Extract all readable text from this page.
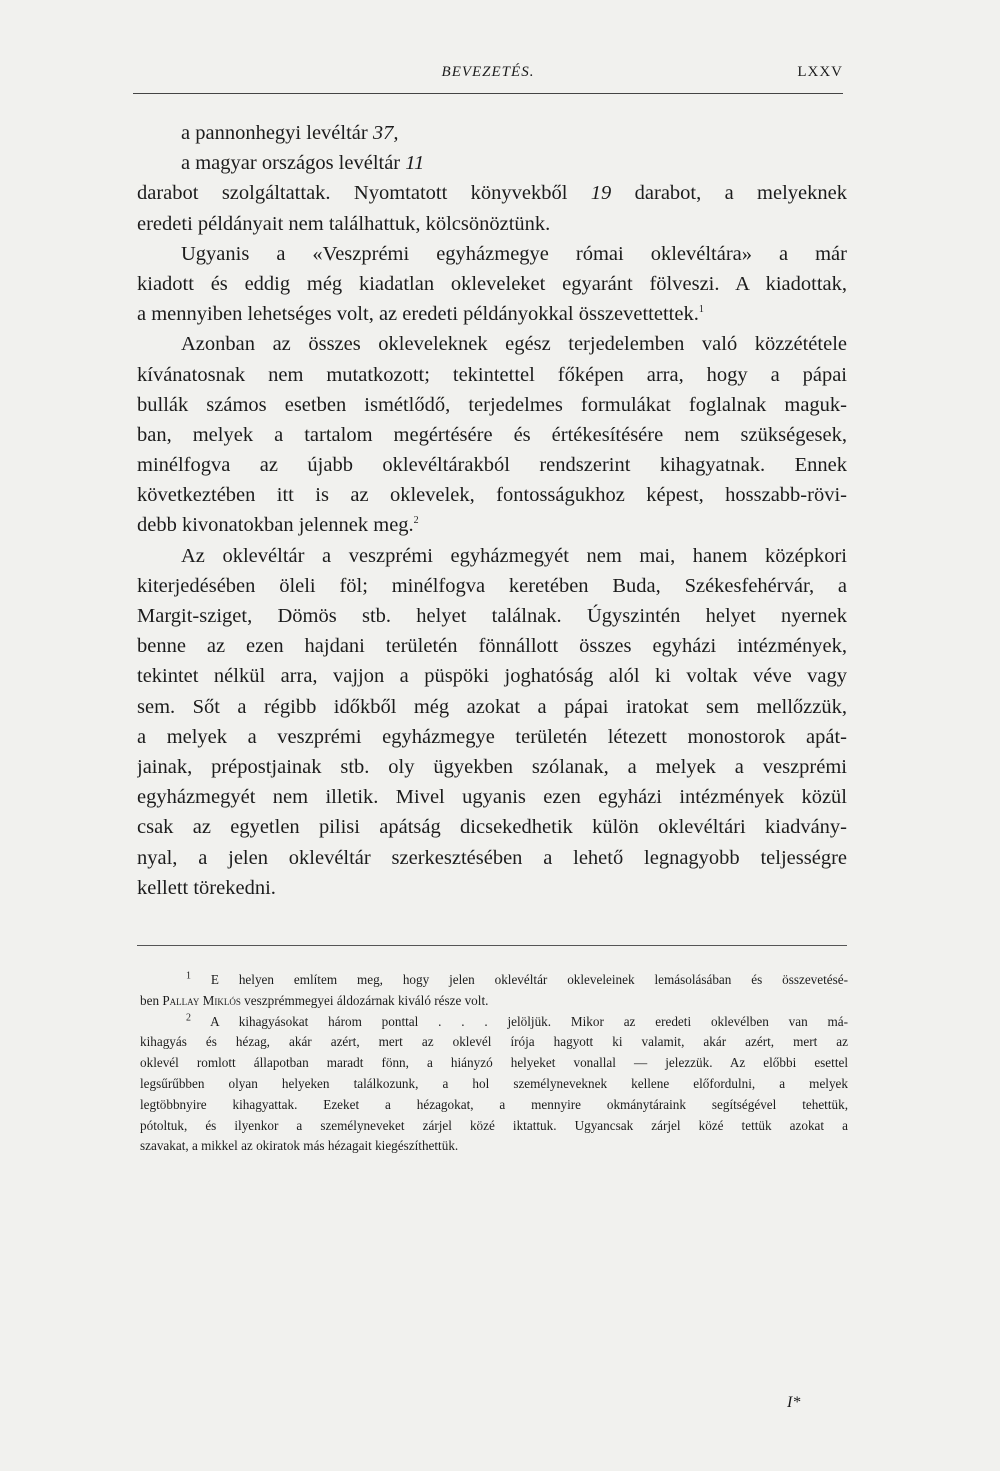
BEVEZETÉS.	LXXV
a pannonhegyi levéltár 37,
a magyar országos levéltár 11
darabot szolgáltattak. Nyomtatott könyvekből 19 darabot, a melyeknek
eredeti példányait nem találhattuk, kölcsönöztünk.
Ugyanis a «Veszprémi egyházmegye római oklevéltára» a már
kiadott és eddig még kiadatlan okleveleket egyaránt fölveszi. A kiadottak,
a mennyiben lehetséges volt, az eredeti példányokkal összevettettek.$^1$
Azonban az összes okleveleknek egész terjedelemben való közzététele
kívánatosnak nem mutatkozott; tekintettel főképen arra, hogy a pápai
bullák számos esetben ismétlődő, terjedelmes formulákat foglalnak maguk-
ban, melyek a tartalom megértésére és értékesítésére nem szükségesek,
minélfogva az újabb oklevéltárakból rendszerint kihagyatnak. Ennek
következtében itt is az oklevelek, fontosságukhoz képest, hosszabb-rövi-
debb kivonatokban jelennek meg.$^2$
Az oklevéltár a veszprémi egyházmegyét nem mai, hanem középkori
kiterjedésében öleli föl; minélfogva keretében Buda, Székesfehérvár, a
Margit-sziget, Dömös stb. helyet találnak. Úgyszintén helyet nyernek
benne az ezen hajdani területén fönnállott összes egyházi intézmények,
tekintet nélkül arra, vajjon a püspöki joghatóság alól ki voltak véve vagy
sem. Sőt a régibb időkből még azokat a pápai iratokat sem mellőzzük,
a melyek a veszprémi egyházmegye területén létezett monostorok apát-
jainak, prépostjainak stb. oly ügyekben szólanak, a melyek a veszprémi
egyházmegyét nem illetik. Mivel ugyanis ezen egyházi intézmények közül
csak az egyetlen pilisi apátság dicsekedhetik külön oklevéltári kiadvány-
nyal, a jelen oklevéltár szerkesztésében a lehető legnagyobb teljességre
kellett törekedni.
$^1$ E helyen említem meg, hogy jelen oklevéltár okleveleinek lemásolásában és összevetésé-
ben Pallay Miklós veszprémmegyei áldozárnak kiváló része volt.
$^2$ A kihagyásokat három ponttal . . . jelöljük. Mikor az eredeti oklevélben van má-
kihagyás és hézag, akár azért, mert az oklevél írója hagyott ki valamit, akár azért, mert az
oklevél romlott állapotban maradt fönn, a hiányzó helyeket vonallal — jelezzük. Az előbbi esettel
legsűrűbben olyan helyeken találkozunk, a hol személyneveknek kellene előfordulni, a melyek
legtöbbnyire kihagyattak. Ezeket a hézagokat, a mennyire okmánytáraink segítségével tehettük,
pótoltuk, és ilyenkor a személyneveket zárjel közé iktattuk. Ugyancsak zárjel közé tettük azokat a
szavakat, a mikkel az okiratok más hézagait kiegészíthettük.
I*
